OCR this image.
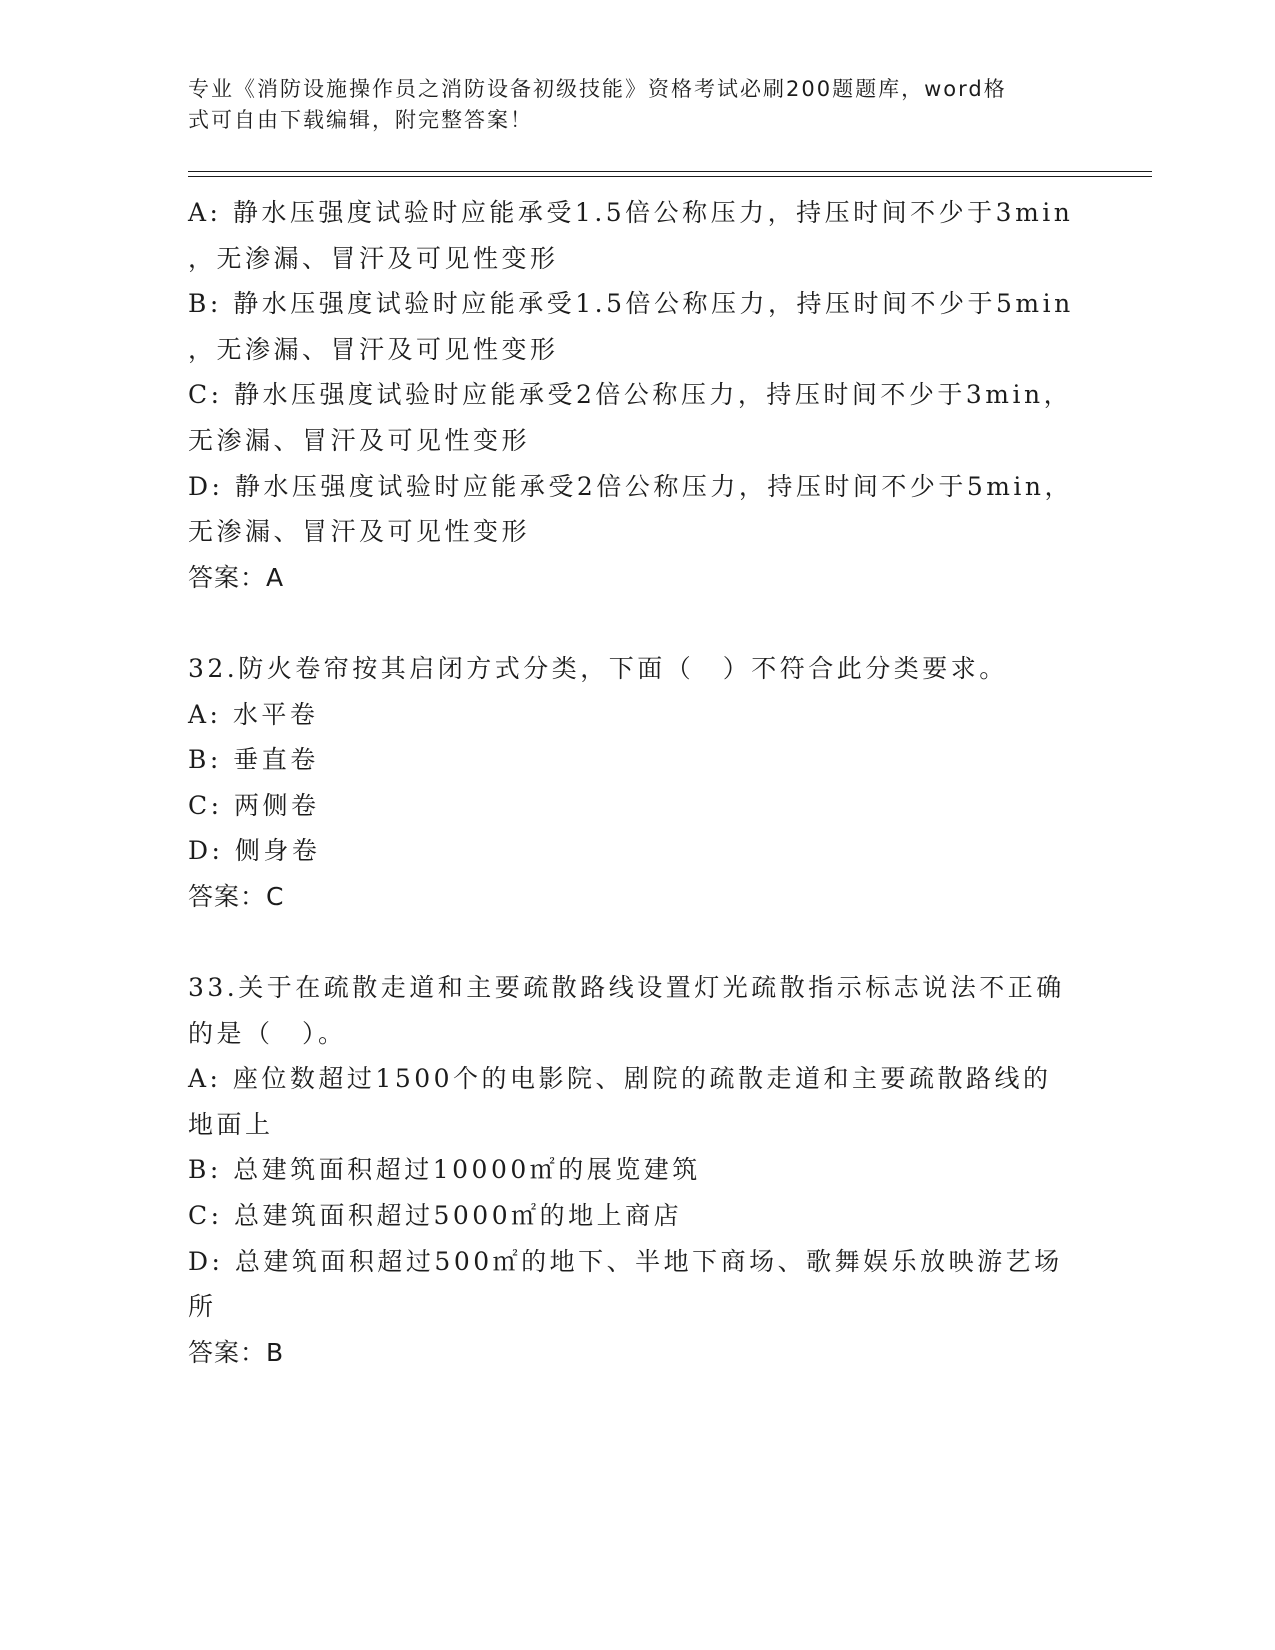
专业《消防设施操作员之消防设备初级技能》资格考试必刷200题题库，word格
式可自由下载编辑，附完整答案！
A: 静水压强度试验时应能承受1.5倍公称压力，持压时间不少于3min
，无渗漏、冒汗及可见性变形
B: 静水压强度试验时应能承受1.5倍公称压力，持压时间不少于5min
，无渗漏、冒汗及可见性变形
C: 静水压强度试验时应能承受2倍公称压力，持压时间不少于3min，
无渗漏、冒汗及可见性变形
D: 静水压强度试验时应能承受2倍公称压力，持压时间不少于5min，
无渗漏、冒汗及可见性变形
答案：A
32.防火卷帘按其启闭方式分类，下面（　）不符合此分类要求。
A: 水平卷
B: 垂直卷
C: 两侧卷
D: 侧身卷
答案：C
33.关于在疏散走道和主要疏散路线设置灯光疏散指示标志说法不正确
的是（　）。
A: 座位数超过1500个的电影院、剧院的疏散走道和主要疏散路线的
地面上
B: 总建筑面积超过10000㎡的展览建筑
C: 总建筑面积超过5000㎡的地上商店
D: 总建筑面积超过500㎡的地下、半地下商场、歌舞娱乐放映游艺场
所
答案：B
